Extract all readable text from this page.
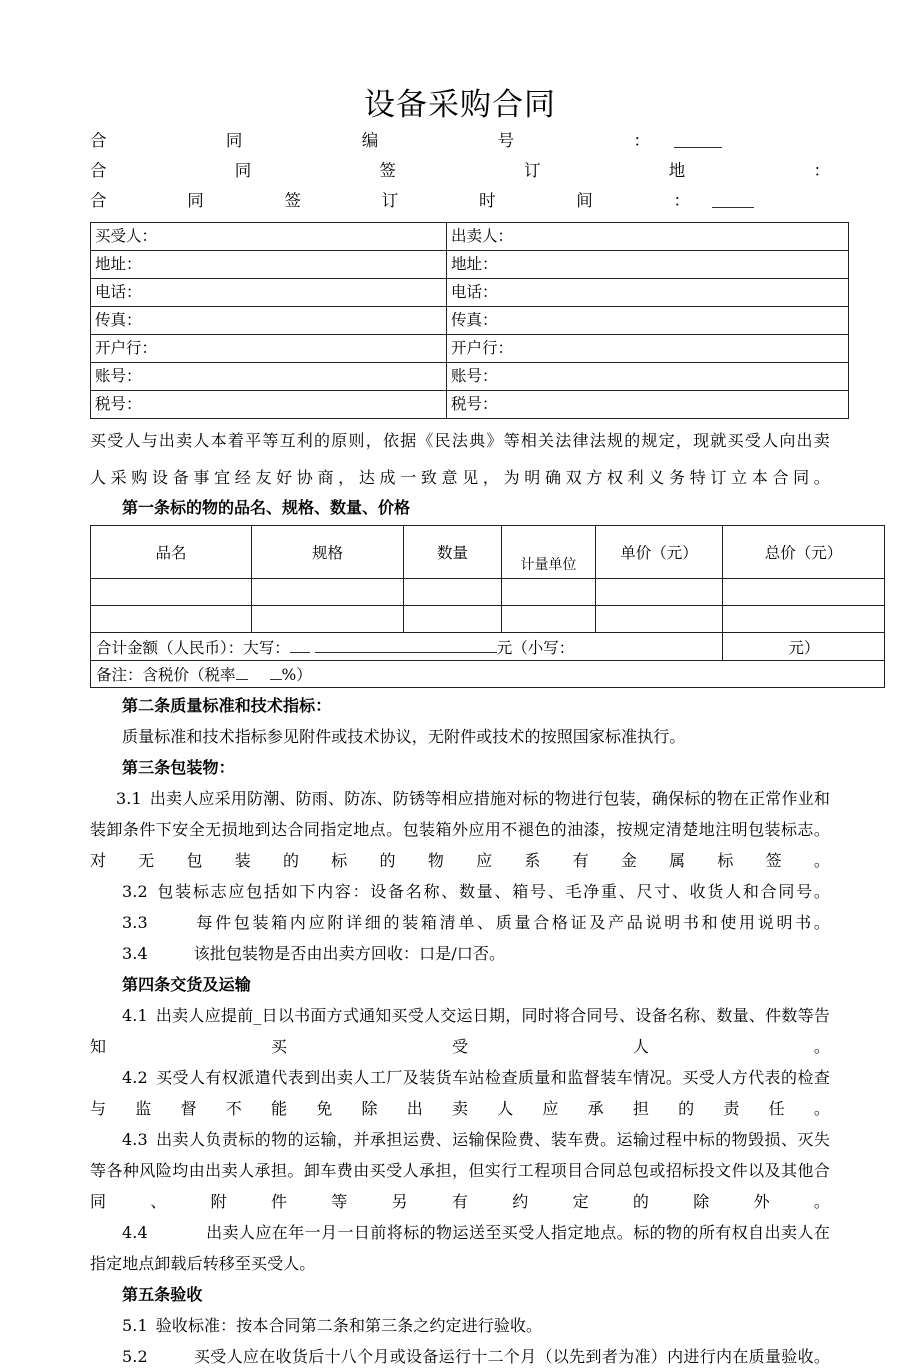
设备采购合同
合	同	编	号	：
合	同	签	订	地	：
合	同	签	订	时	间	：
买受人：	出卖人：
地址：	地址：
电话：	电话：
传真：	传真：
开户行：	开户行：
账号：	账号：
税号：	税号：
买受人与出卖人本着平等互利的原则，依据《民法典》等相关法律法规的规定，现就买受人向出卖
人采购设备事宜经友好协商，达成一致意见，为明确双方权利义务特订立本合同。
第一条标的物的品名、规格、数量、价格
品名	规格	数量	计量单位	单价（元）	总价（元）

合计金额（人民币）：大写： 元（小写：					元）
备注：含税价（税率 %）					
第二条质量标准和技术指标：
质量标准和技术指标参见附件或技术协议，无附件或技术的按照国家标准执行。
第三条包装物：
3.1 出卖人应采用防潮、防雨、防冻、防锈等相应措施对标的物进行包装，确保标的物在正常作业和装卸条件下安全无损地到达合同指定地点。包装箱外应用不褪色的油漆，按规定清楚地注明包装标志。对无包装的标的物应系有金属标签。
3.2 包装标志应包括如下内容：设备名称、数量、箱号、毛净重、尺寸、收货人和合同号。
3.3	每件包装箱内应附详细的装箱清单、质量合格证及产品说明书和使用说明书。
3.4	该批包装物是否由出卖方回收：口是/口否。
第四条交货及运输
4.1 出卖人应提前_日以书面方式通知买受人交运日期，同时将合同号、设备名称、数量、件数等告知买受人。
4.2 买受人有权派遣代表到出卖人工厂及装货车站检查质量和监督装车情况。买受人方代表的检查与监督不能免除出卖人应承担的责任。
4.3 出卖人负责标的物的运输，并承担运费、运输保险费、装车费。运输过程中标的物毁损、灭失等各种风险均由出卖人承担。卸车费由买受人承担，但实行工程项目合同总包或招标投文件以及其他合同、附件等另有约定的除外。
4.4	出卖人应在年一月一日前将标的物运送至买受人指定地点。标的物的所有权自出卖人在指定地点卸载后转移至买受人。
第五条验收
5.1 验收标准：按本合同第二条和第三条之约定进行验收。
5.2	买受人应在收货后十八个月或设备运行十二个月（以先到者为准）内进行内在质量验收。
